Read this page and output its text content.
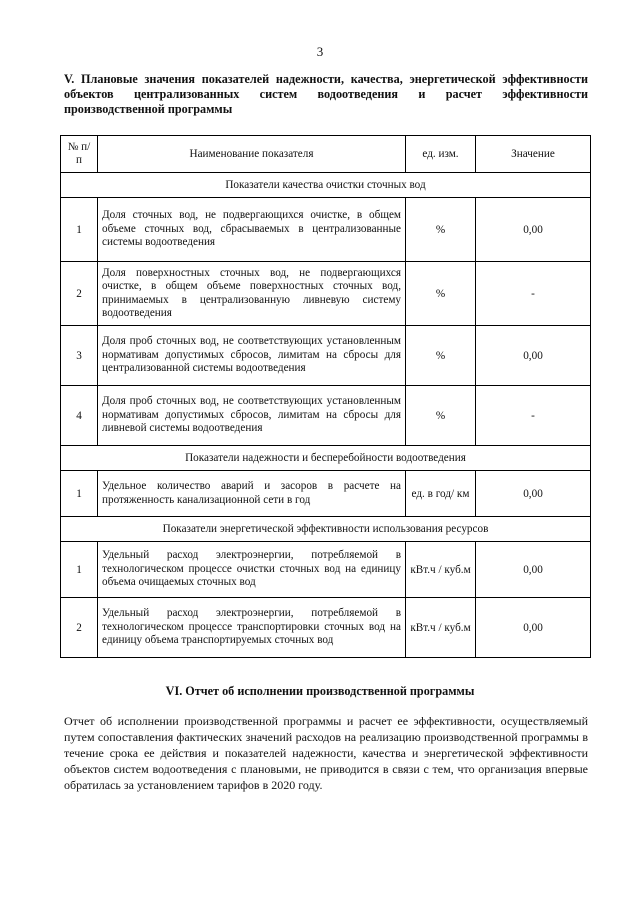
3
V. Плановые значения показателей надежности, качества, энергетической эффективности объектов централизованных систем водоотведения и расчет эффективности производственной программы
№ п/п	Наименование показателя	ед. изм.	Значение
Показатели качества очистки сточных вод			
1	Доля сточных вод, не подвергающихся очистке, в общем объеме сточных вод, сбрасываемых в централизованные системы водоотведения	%	0,00
2	Доля поверхностных сточных вод, не подвергающихся очистке, в общем объеме поверхностных сточных вод, принимаемых в централизованную ливневую систему водоотведения	%	-
3	Доля проб сточных вод, не соответствующих установленным нормативам допустимых сбросов, лимитам на сбросы для централизованной системы водоотведения	%	0,00
4	Доля проб сточных вод, не соответствующих установленным нормативам допустимых сбросов, лимитам на сбросы для ливневой системы водоотведения	%	-
Показатели надежности и бесперебойности водоотведения			
1	Удельное количество аварий и засоров в расчете на протяженность канализационной сети в год	ед. в год/ км	0,00
Показатели энергетической эффективности использования ресурсов			
1	Удельный расход электроэнергии, потребляемой в технологическом процессе очистки сточных вод на единицу объема очищаемых сточных вод	кВт.ч / куб.м	0,00
2	Удельный расход электроэнергии, потребляемой в технологическом процессе транспортировки сточных вод на единицу объема транспортируемых сточных вод	кВт.ч / куб.м	0,00
VI. Отчет об исполнении производственной программы
Отчет об исполнении производственной программы и расчет ее эффективности, осуществляемый путем сопоставления фактических значений расходов на реализацию производственной программы в течение срока ее действия и показателей надежности, качества и энергетической эффективности объектов систем водоотведения с плановыми, не приводится в связи с тем, что организация впервые обратилась за установлением тарифов в 2020 году.
